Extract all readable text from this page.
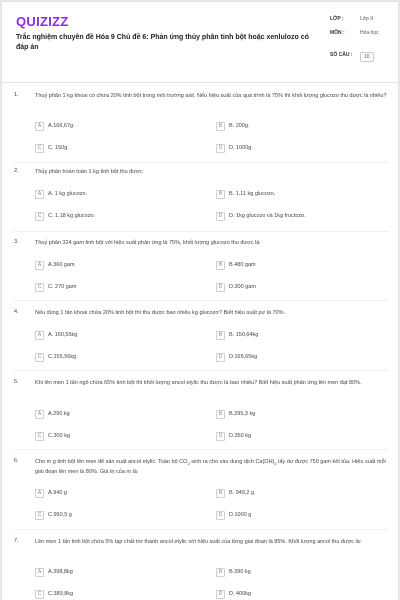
QUIZIZZ
Trắc nghiệm chuyên đề Hóa 9 Chủ đề 6: Phản ứng thủy phân tinh bột hoặc xenlulozo có đáp án
LỚP :	Lớp 9
MÔN :	Hóa học
SỐ CÂU :	10
1.	Thuỷ phân 1 kg khoai có chứa 20% tinh bột trong môi trường axit. Nếu hiệu suất của quá trình là 75% thì khối lượng glucozo thu được là nhiêu?
A	A.166,67g.	B	B. 200g.
C	C. 150g.	D	D. 1000g.
2.	Thủy phân hoàn toàn 1 kg tinh bột thu được:
A	A. 1 kg glucozo.	B	B. 1,11 kg glucozo.
C	C. 1,18 kg glucozo.	D	D. 1kg glucozo và 1kg fructozo.
3.	Thuỷ phân 324 gam tinh bột với hiệu suất phản ứng là 75%, khối lượng glucozo thu được là:
A	A.360 gam	B	B.480 gam
C	C. 270 gam	D	D.300 gam
4.	Nếu dùng 1 tấn khoai chứa 20% tinh bột thì thu được bao nhiêu kg glucozơ? Biết hiệu suất pư là 70%.
A	A. 160,55kg	B	B. 150,64kg
C	C.155,56kg	D	D.165,65kg
5.	Khi lên men 1 tấn ngô chứa 65% tinh bột thì khối lượng ancol etylic thu được là bao nhiêu? Biết hiệu suất phản ứng lên men đạt 80%.
A	A.290 kg	B	B.295,3 kg
C	C.300 kg	D	D.350 kg
6.	Cho m g tinh bột lên men để sản xuất ancol etylic. Toàn bộ $CO_2$ sinh ra cho vào dung dịch $Ca(OH)_2$ lấy dư được 750 gam kết tủa. Hiệu suất mỗi giai đoạn lên men là 80%. Giá trị của m là:
A	A.940 g	B	B. 949,2 g
C	C.950,5 g	D	D.1000 g
7.	Lên men 1 tấn tinh bột chứa 5% tạp chất trơ thành ancol etylic với hiệu suất của từng giai đoạn là 85%. Khối lượng ancol thu được là:
A	A.398,8kg	B	B.390 kg
C	C.389,8kg	D	D. 400kg
